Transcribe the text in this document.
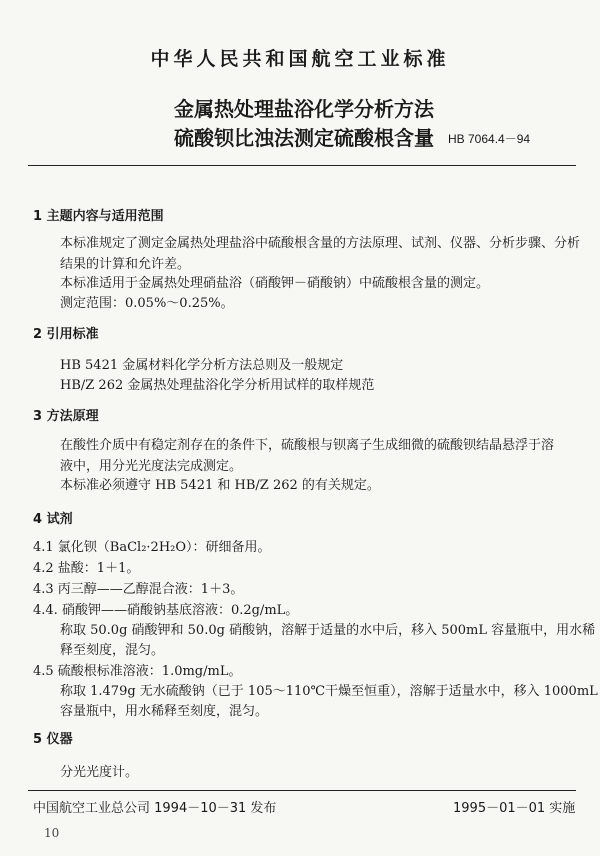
中华人民共和国航空工业标准
金属热处理盐浴化学分析方法
硫酸钡比浊法测定硫酸根含量 HB 7064.4－94
1 主题内容与适用范围
本标准规定了测定金属热处理盐浴中硫酸根含量的方法原理、试剂、仪器、分析步骤、分析
结果的计算和允许差。
本标准适用于金属热处理硝盐浴（硝酸钾－硝酸钠）中硫酸根含量的测定。
测定范围：0.05%～0.25%。
2 引用标准
HB 5421 金属材料化学分析方法总则及一般规定
HB/Z 262 金属热处理盐浴化学分析用试样的取样规范
3 方法原理
在酸性介质中有稳定剂存在的条件下，硫酸根与钡离子生成细微的硫酸钡结晶悬浮于溶
液中，用分光光度法完成测定。
本标准必须遵守 HB 5421 和 HB/Z 262 的有关规定。
4 试剂
4.1 氯化钡（BaCl₂·2H₂O）：研细备用。
4.2 盐酸：1＋1。
4.3 丙三醇——乙醇混合液：1＋3。
4.4. 硝酸钾——硝酸钠基底溶液：0.2g/mL。
称取 50.0g 硝酸钾和 50.0g 硝酸钠，溶解于适量的水中后，移入 500mL 容量瓶中，用水稀
释至刻度，混匀。
4.5 硫酸根标准溶液：1.0mg/mL。
称取 1.479g 无水硫酸钠（已于 105～110℃干燥至恒重），溶解于适量水中，移入 1000mL
容量瓶中，用水稀释至刻度，混匀。
5 仪器
分光光度计。
中国航空工业总公司 1994－10－31 发布	1995－01－01 实施
10
